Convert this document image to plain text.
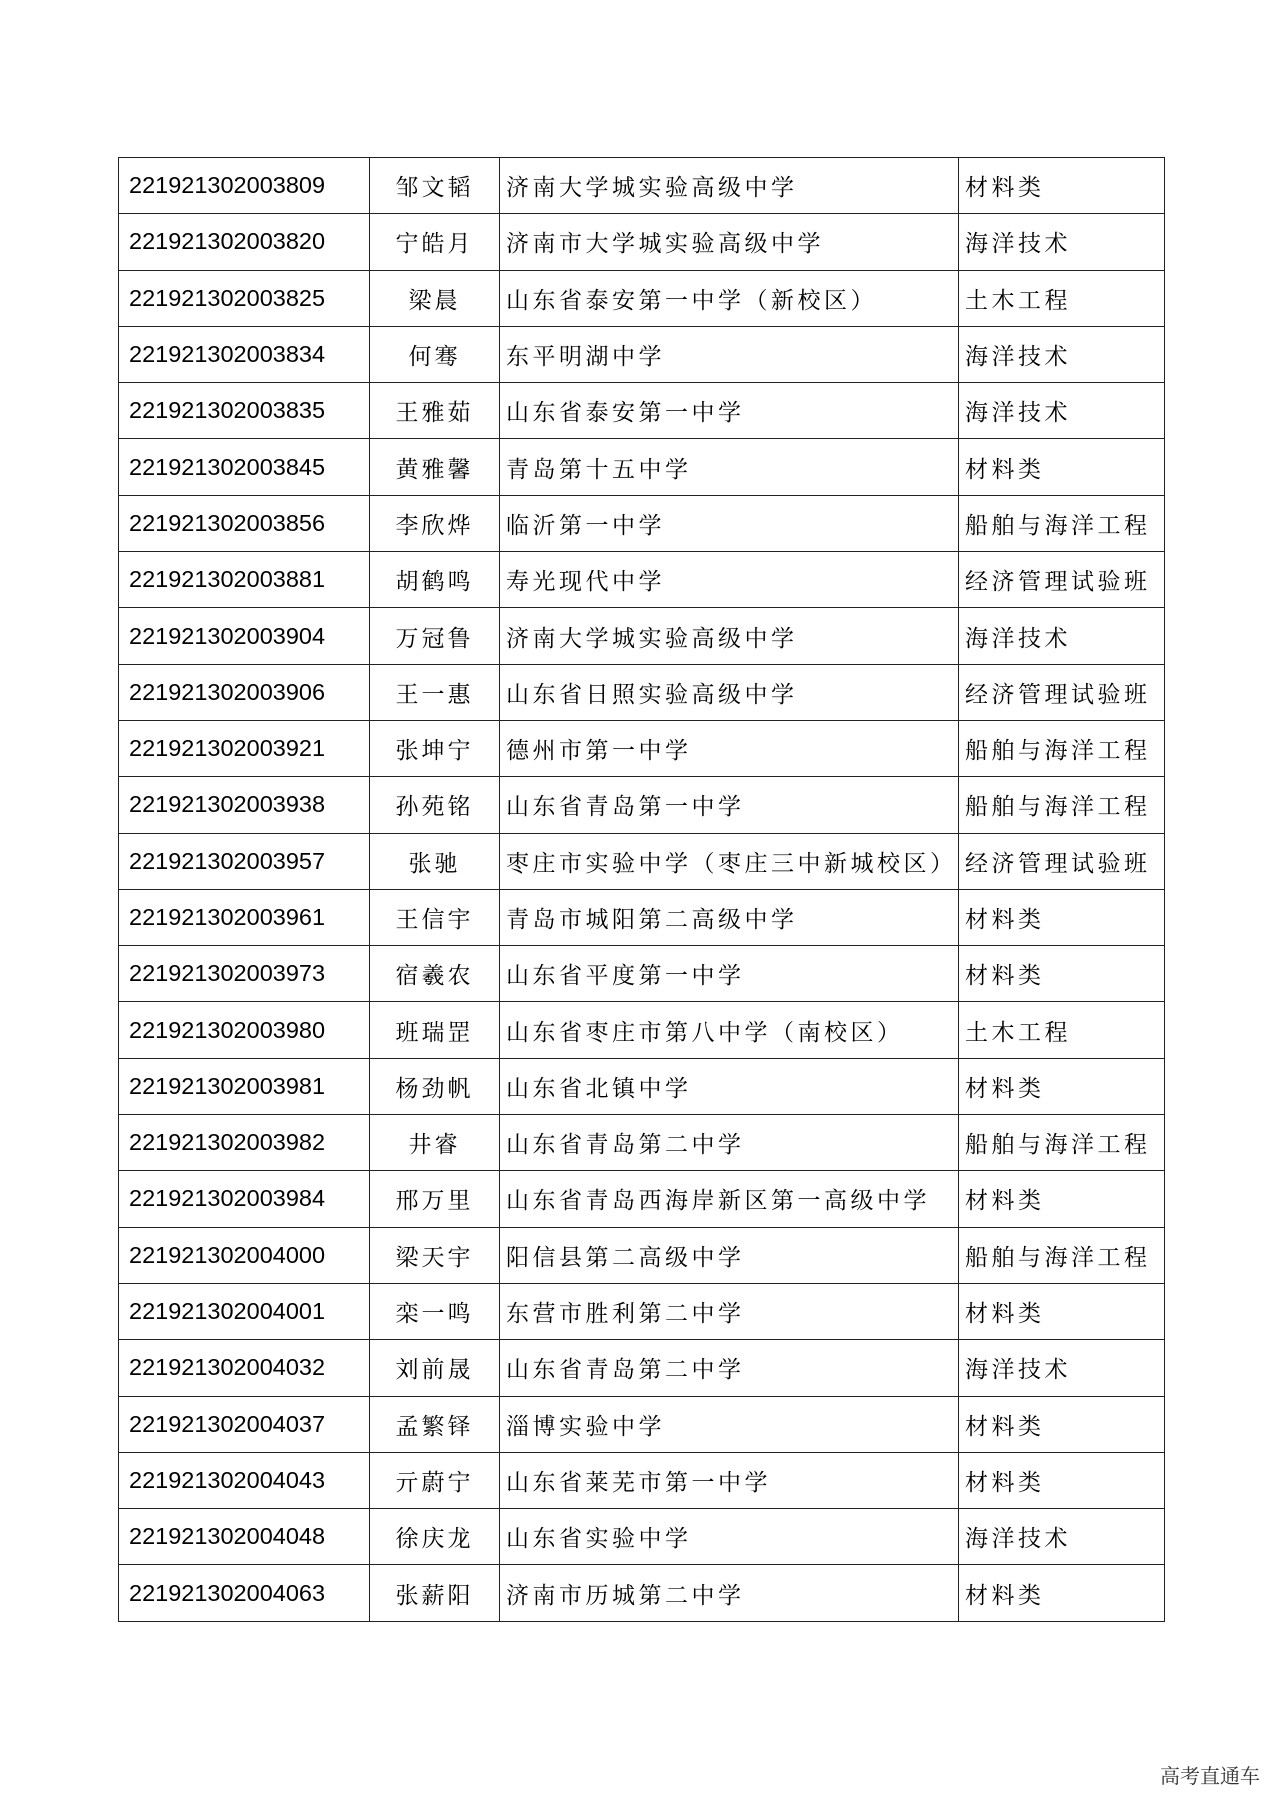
221921302003809	邹文韬	济南大学城实验高级中学	材料类
221921302003820	宁皓月	济南市大学城实验高级中学	海洋技术
221921302003825	梁晨	山东省泰安第一中学（新校区）	土木工程
221921302003834	何骞	东平明湖中学	海洋技术
221921302003835	王雅茹	山东省泰安第一中学	海洋技术
221921302003845	黄雅馨	青岛第十五中学	材料类
221921302003856	李欣烨	临沂第一中学	船舶与海洋工程
221921302003881	胡鹤鸣	寿光现代中学	经济管理试验班
221921302003904	万冠鲁	济南大学城实验高级中学	海洋技术
221921302003906	王一惠	山东省日照实验高级中学	经济管理试验班
221921302003921	张坤宁	德州市第一中学	船舶与海洋工程
221921302003938	孙苑铭	山东省青岛第一中学	船舶与海洋工程
221921302003957	张驰	枣庄市实验中学（枣庄三中新城校区）	经济管理试验班
221921302003961	王信宇	青岛市城阳第二高级中学	材料类
221921302003973	宿羲农	山东省平度第一中学	材料类
221921302003980	班瑞罡	山东省枣庄市第八中学（南校区）	土木工程
221921302003981	杨劲帆	山东省北镇中学	材料类
221921302003982	井睿	山东省青岛第二中学	船舶与海洋工程
221921302003984	邢万里	山东省青岛西海岸新区第一高级中学	材料类
221921302004000	梁天宇	阳信县第二高级中学	船舶与海洋工程
221921302004001	栾一鸣	东营市胜利第二中学	材料类
221921302004032	刘前晟	山东省青岛第二中学	海洋技术
221921302004037	孟繁铎	淄博实验中学	材料类
221921302004043	亓蔚宁	山东省莱芜市第一中学	材料类
221921302004048	徐庆龙	山东省实验中学	海洋技术
221921302004063	张薪阳	济南市历城第二中学	材料类
高考直通车
